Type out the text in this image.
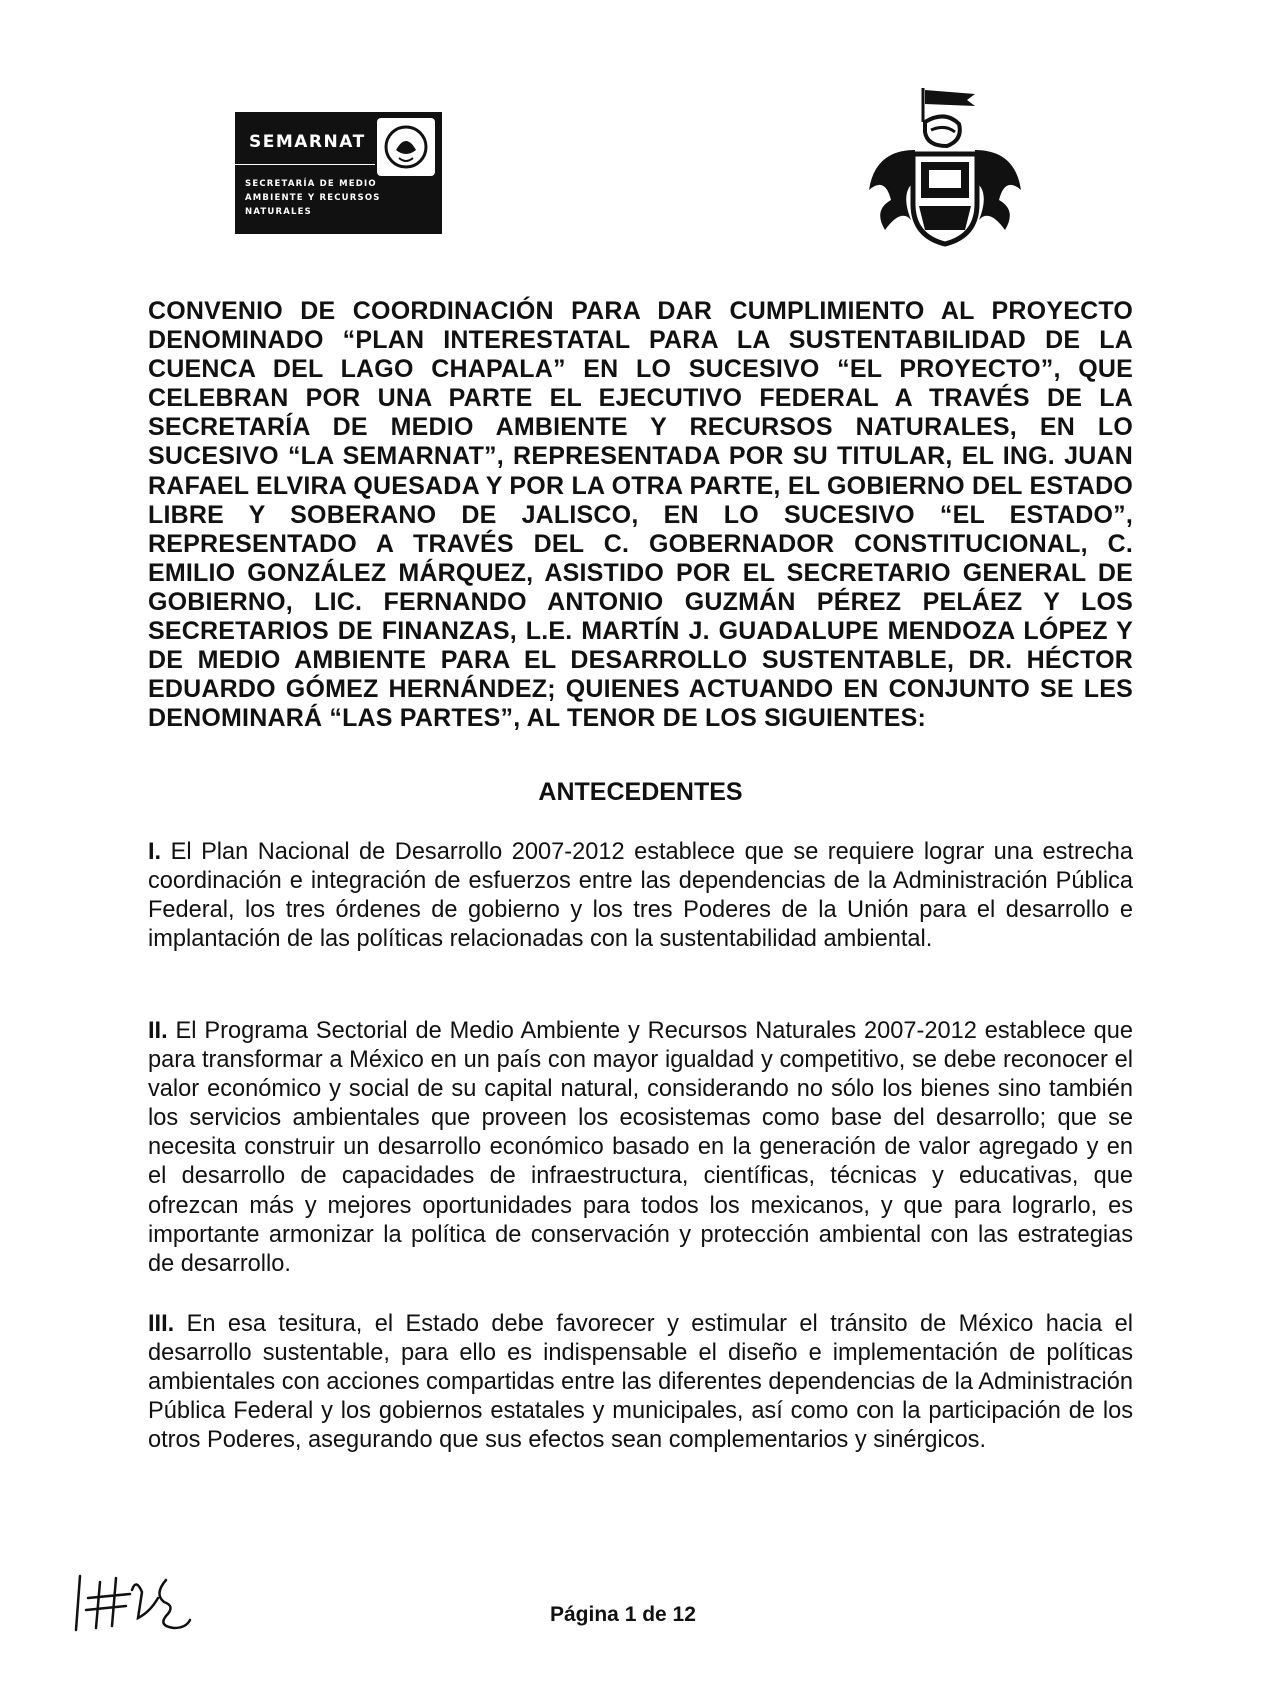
SEMARNAT
SECRETARÍA DE MEDIO AMBIENTE Y RECURSOS NATURALES
CONVENIO DE COORDINACIÓN PARA DAR CUMPLIMIENTO AL PROYECTO DENOMINADO “PLAN INTERESTATAL PARA LA SUSTENTABILIDAD DE LA CUENCA DEL LAGO CHAPALA” EN LO SUCESIVO “EL PROYECTO”, QUE CELEBRAN POR UNA PARTE EL EJECUTIVO FEDERAL A TRAVÉS DE LA SECRETARÍA DE MEDIO AMBIENTE Y RECURSOS NATURALES, EN LO SUCESIVO “LA SEMARNAT”, REPRESENTADA POR SU TITULAR, EL ING. JUAN RAFAEL ELVIRA QUESADA Y POR LA OTRA PARTE, EL GOBIERNO DEL ESTADO LIBRE Y SOBERANO DE JALISCO, EN LO SUCESIVO “EL ESTADO”, REPRESENTADO A TRAVÉS DEL C. GOBERNADOR CONSTITUCIONAL, C. EMILIO GONZÁLEZ MÁRQUEZ, ASISTIDO POR EL SECRETARIO GENERAL DE GOBIERNO, LIC. FERNANDO ANTONIO GUZMÁN PÉREZ PELÁEZ Y LOS SECRETARIOS DE FINANZAS, L.E. MARTÍN J. GUADALUPE MENDOZA LÓPEZ Y DE MEDIO AMBIENTE PARA EL DESARROLLO SUSTENTABLE, DR. HÉCTOR EDUARDO GÓMEZ HERNÁNDEZ; QUIENES ACTUANDO EN CONJUNTO SE LES DENOMINARÁ “LAS PARTES”, AL TENOR DE LOS SIGUIENTES:
ANTECEDENTES
I. El Plan Nacional de Desarrollo 2007-2012 establece que se requiere lograr una estrecha coordinación e integración de esfuerzos entre las dependencias de la Administración Pública Federal, los tres órdenes de gobierno y los tres Poderes de la Unión para el desarrollo e implantación de las políticas relacionadas con la sustentabilidad ambiental.
II. El Programa Sectorial de Medio Ambiente y Recursos Naturales 2007-2012 establece que para transformar a México en un país con mayor igualdad y competitivo, se debe reconocer el valor económico y social de su capital natural, considerando no sólo los bienes sino también los servicios ambientales que proveen los ecosistemas como base del desarrollo; que se necesita construir un desarrollo económico basado en la generación de valor agregado y en el desarrollo de capacidades de infraestructura, científicas, técnicas y educativas, que ofrezcan más y mejores oportunidades para todos los mexicanos, y que para lograrlo, es importante armonizar la política de conservación y protección ambiental con las estrategias de desarrollo.
III. En esa tesitura, el Estado debe favorecer y estimular el tránsito de México hacia el desarrollo sustentable, para ello es indispensable el diseño e implementación de políticas ambientales con acciones compartidas entre las diferentes dependencias de la Administración Pública Federal y los gobiernos estatales y municipales, así como con la participación de los otros Poderes, asegurando que sus efectos sean complementarios y sinérgicos.
Página 1 de 12
